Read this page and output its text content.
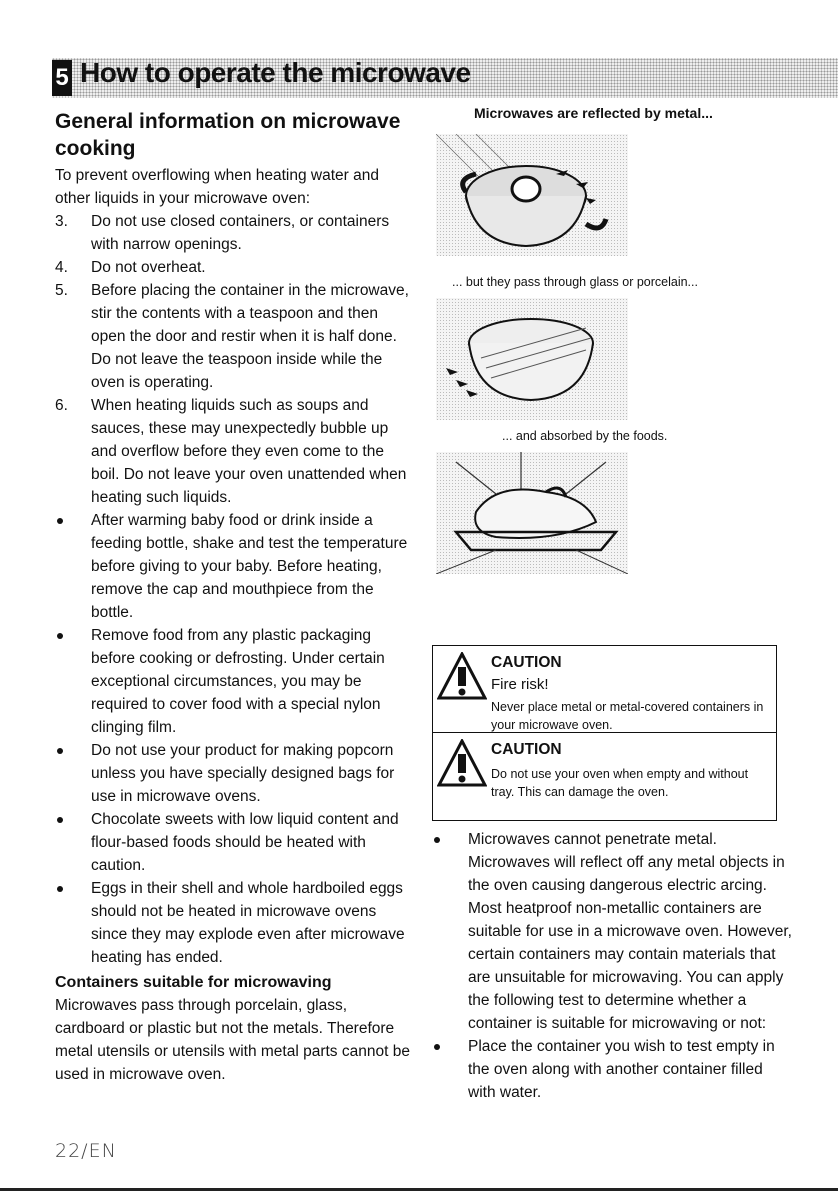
5 How to operate the microwave
General information on microwave cooking

To prevent overflowing when heating water and other liquids in your microwave oven:

3. Do not use closed containers, or containers with narrow openings.
4. Do not overheat.
5. Before placing the container in the microwave, stir the contents with a teaspoon and then open the door and restir when it is half done. Do not leave the teaspoon inside while the oven is operating.
6. When heating liquids such as soups and sauces, these may unexpectedly bubble up and overflow before they even come to the boil. Do not leave your oven unattended when heating such liquids.
After warming baby food or drink inside a feeding bottle, shake and test the temperature before giving to your baby. Before heating, remove the cap and mouthpiece from the bottle.
Remove food from any plastic packaging before cooking or defrosting. Under certain exceptional circumstances, you may be required to cover food with a special nylon clinging film.
Do not use your product for making popcorn unless you have specially designed bags for use in microwave ovens.
Chocolate sweets with low liquid content and flour-based foods should be heated with caution.
Eggs in their shell and whole hardboiled eggs should not be heated in microwave ovens since they may explode even after microwave heating has ended.
Containers suitable for microwaving

Microwaves pass through porcelain, glass, cardboard or plastic but not the metals. Therefore metal utensils or utensils with metal parts cannot be used in microwave oven.

Microwaves are reflected by metal...
... but they pass through glass or porcelain...
... and absorbed by the foods.
CAUTION
Fire risk!
Never place metal or metal-covered containers in your microwave oven.
CAUTION
Do not use your oven when empty and without tray. This can damage the oven.
Microwaves cannot penetrate metal. Microwaves will reflect off any metal objects in the oven causing dangerous electric arcing. Most heatproof non-metallic containers are suitable for use in a microwave oven. However, certain containers may contain materials that are unsuitable for microwaving. You can apply the following test to determine whether a container is suitable for microwaving or not:
Place the container you wish to test empty in the oven along with another container filled with water.
22/EN
